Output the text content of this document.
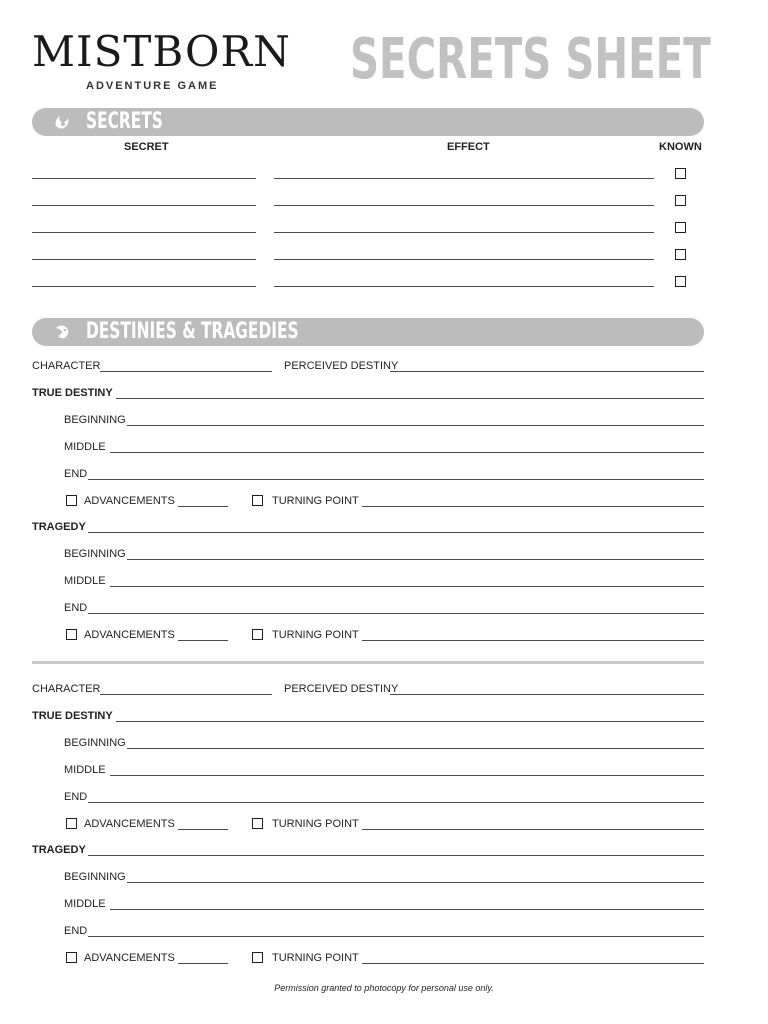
MISTBORN
ADVENTURE GAME SECRETS SHEET
SECRETS
SECRET	EFFECT	KNOWN
DESTINIES & TRAGEDIES
CHARACTER	PERCEIVED DESTINY
TRUE DESTINY
BEGINNING
MIDDLE
END
ADVANCEMENTS	TURNING POINT
TRAGEDY
BEGINNING
MIDDLE
END
ADVANCEMENTS	TURNING POINT
CHARACTER	PERCEIVED DESTINY
TRUE DESTINY
BEGINNING
MIDDLE
END
ADVANCEMENTS	TURNING POINT
TRAGEDY
BEGINNING
MIDDLE
END
ADVANCEMENTS	TURNING POINT
Permission granted to photocopy for personal use only.
